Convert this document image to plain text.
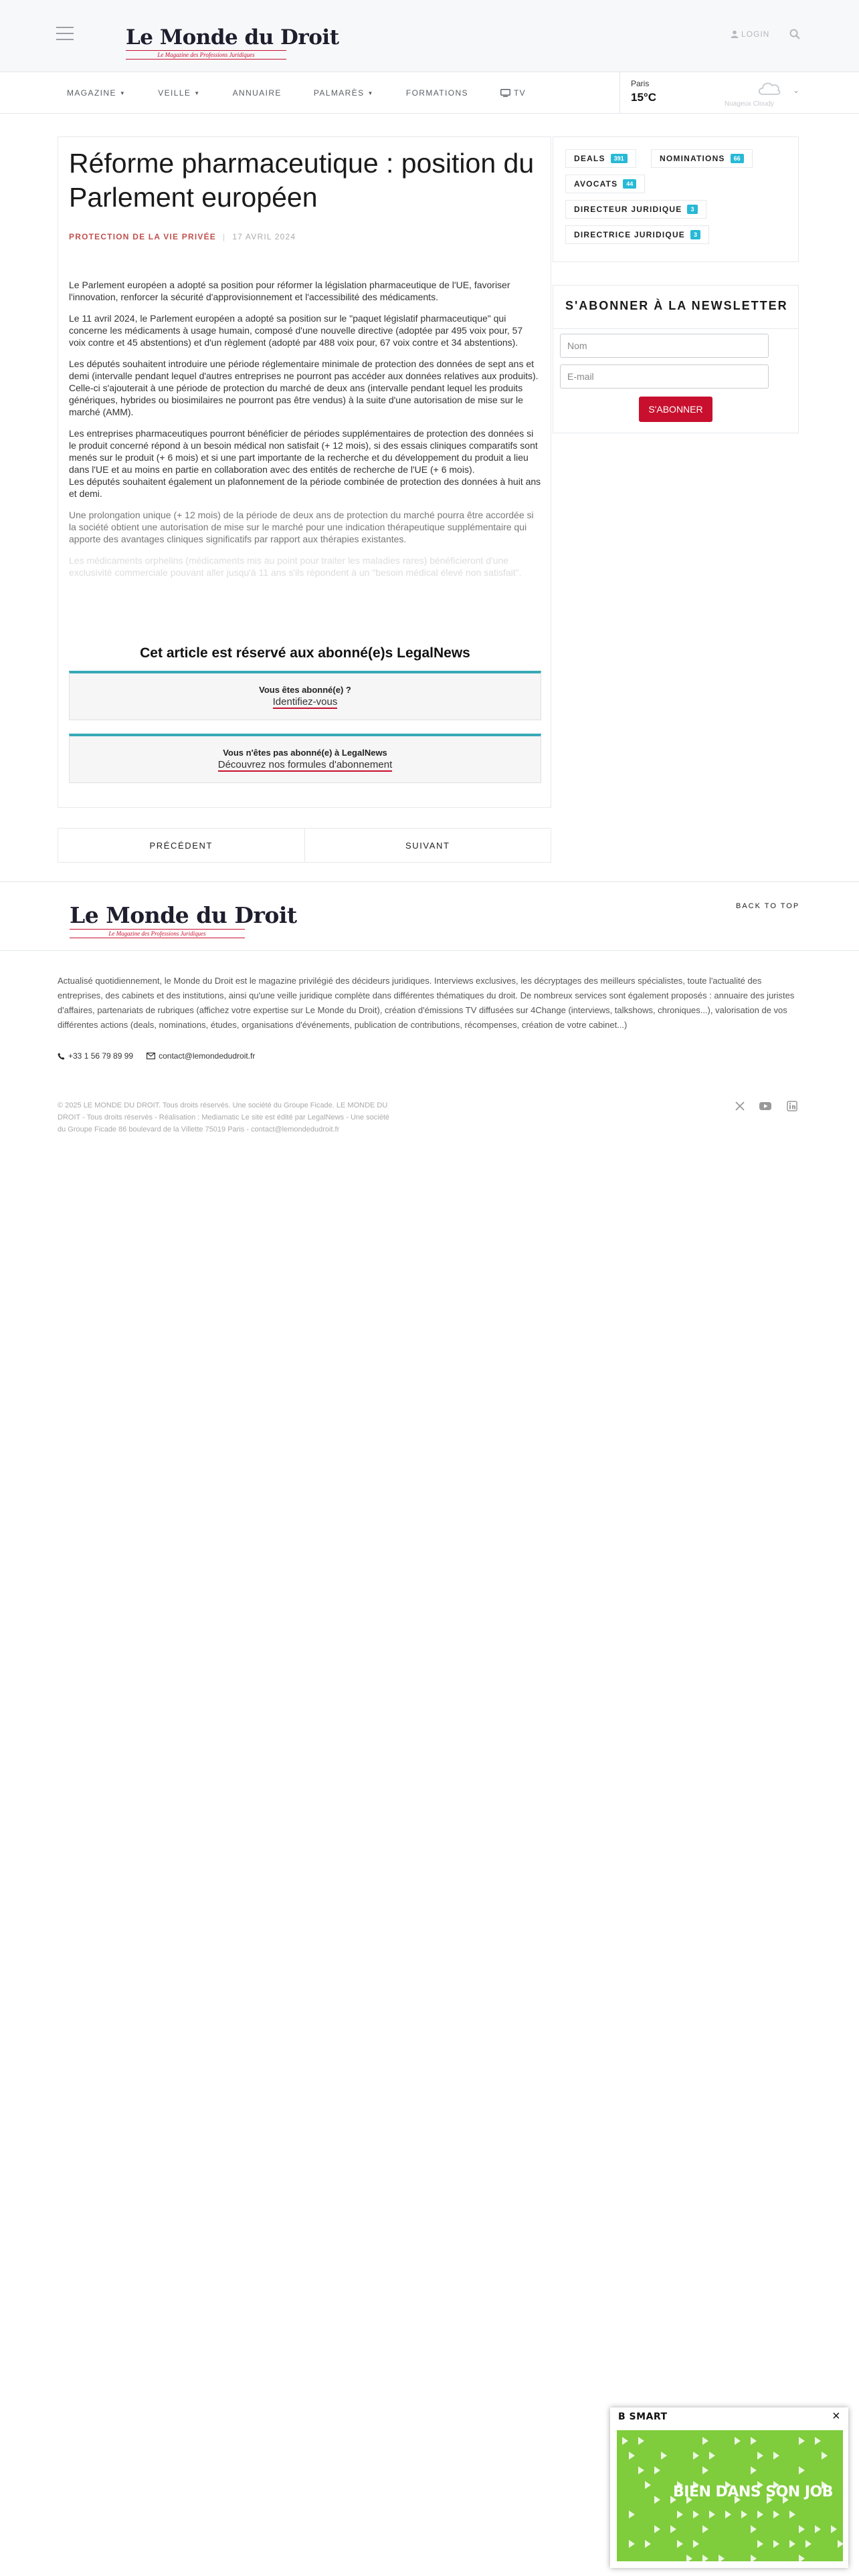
Le Monde du Droit
Le Magazine des Professions Juridiques
LOGIN
MAGAZINE ▼	VEILLE ▼	ANNUAIRE	PALMARÈS ▼	FORMATIONS	TV
Paris
15°C
Nuageux Cloudy
⌄
Réforme pharmaceutique : position du Parlement européen
PROTECTION DE LA VIE PRIVÉE | 17 AVRIL 2024

Le Parlement européen a adopté sa position pour réformer la législation pharmaceutique de l'UE, favoriser l'innovation, renforcer la sécurité d'approvisionnement et l'accessibilité des médicaments.

Le 11 avril 2024, le Parlement européen a adopté sa position sur le "paquet législatif pharmaceutique" qui concerne les médicaments à usage humain, composé d'une nouvelle directive (adoptée par 495 voix pour, 57 voix contre et 45 abstentions) et d'un règlement (adopté par 488 voix pour, 67 voix contre et 34 abstentions).

Les députés souhaitent introduire une période réglementaire minimale de protection des données de sept ans et demi (intervalle pendant lequel d'autres entreprises ne pourront pas accéder aux données relatives aux produits). Celle-ci s'ajouterait à une période de protection du marché de deux ans (intervalle pendant lequel les produits génériques, hybrides ou biosimilaires ne pourront pas être vendus) à la suite d'une autorisation de mise sur le marché (AMM).

Les entreprises pharmaceutiques pourront bénéficier de périodes supplémentaires de protection des données si le produit concerné répond à un besoin médical non satisfait (+ 12 mois), si des essais cliniques comparatifs sont menés sur le produit (+ 6 mois) et si une part importante de la recherche et du développement du produit a lieu dans l'UE et au moins en partie en collaboration avec des entités de recherche de l'UE (+ 6 mois).

Les députés souhaitent également un plafonnement de la période combinée de protection des données à huit ans et demi.

Une prolongation unique (+ 12 mois) de la période de deux ans de protection du marché pourra être accordée si la société obtient une autorisation de mise sur le marché pour une indication thérapeutique supplémentaire qui apporte des avantages cliniques significatifs par rapport aux thérapies existantes.

Les médicaments orphelins (médicaments mis au point pour traiter les maladies rares) bénéficieront d'une exclusivité commerciale pouvant aller jusqu'à 11 ans s'ils répondent à un "besoin médical élevé non satisfait".

Cet article est réservé aux abonné(e)s LegalNews
Vous êtes abonné(e) ?
Identifiez-vous
Vous n'êtes pas abonné(e) à LegalNews
Découvrez nos formules d'abonnement
PRÉCÉDENT	SUIVANT
DEALS	391	NOMINATIONS	66
AVOCATS	44
DIRECTEUR JURIDIQUE	3
DIRECTRICE JURIDIQUE	3
S'ABONNER À LA NEWSLETTER
Nom
E-mail
S'ABONNER
Le Monde du Droit
Le Magazine des Professions Juridiques
BACK TO TOP
Actualisé quotidiennement, le Monde du Droit est le magazine privilégié des décideurs juridiques. Interviews exclusives, les décryptages des meilleurs spécialistes, toute l'actualité des entreprises, des cabinets et des institutions, ainsi qu'une veille juridique complète dans différentes thématiques du droit. De nombreux services sont également proposés : annuaire des juristes d'affaires, partenariats de rubriques (affichez votre expertise sur Le Monde du Droit), création d'émissions TV diffusées sur 4Change (interviews, talkshows, chroniques...), valorisation de vos différentes actions (deals, nominations, études, organisations d'événements, publication de contributions, récompenses, création de votre cabinet...)
+33 1 56 79 89 99	contact@lemondedudroit.fr
© 2025 LE MONDE DU DROIT. Tous droits réservés. Une société du Groupe Ficade. LE MONDE DU
DROIT - Tous droits réservés - Réalisation : Mediamatic Le site est édité par LegalNews - Une société
du Groupe Ficade 86 boulevard de la Villette 75019 Paris - contact@lemondedudroit.fr
B SMART	×
BIEN DANS SON JOB
